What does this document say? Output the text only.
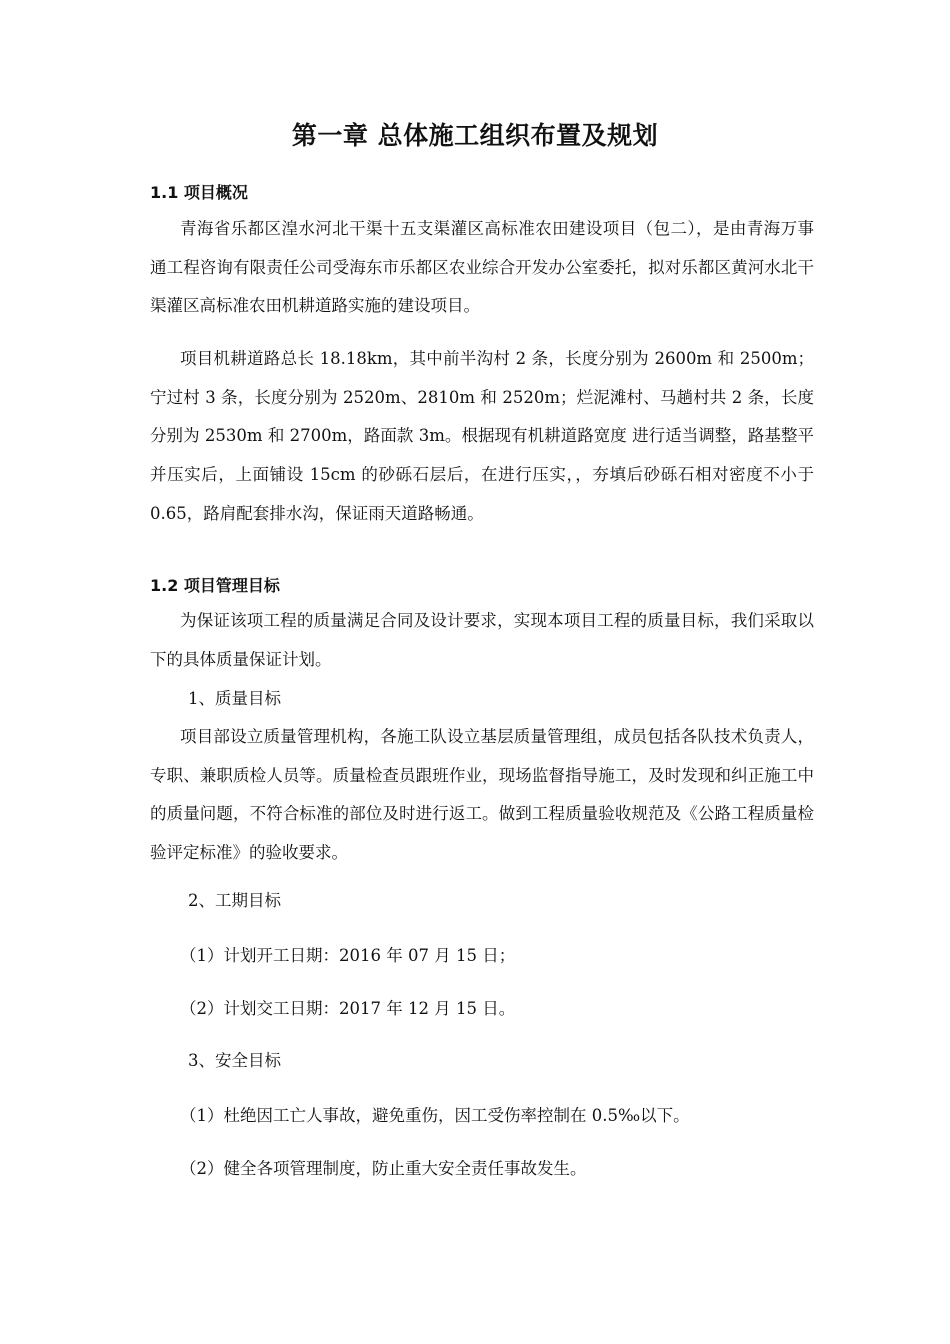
第一章 总体施工组织布置及规划
1.1 项目概况

青海省乐都区湟水河北干渠十五支渠灌区高标准农田建设项目（包二），是由青海万事通工程咨询有限责任公司受海东市乐都区农业综合开发办公室委托，拟对乐都区黄河水北干渠灌区高标准农田机耕道路实施的建设项目。

项目机耕道路总长 18.18km，其中前半沟村 2 条，长度分别为 2600m 和 2500m；宁过村 3 条，长度分别为 2520m、2810m 和 2520m；烂泥滩村、马趟村共 2 条，长度分别为 2530m 和 2700m，路面款 3m。根据现有机耕道路宽度 进行适当调整，路基整平并压实后，上面铺设 15cm 的砂砾石层后，在进行压实，，夯填后砂砾石相对密度不小于 0.65，路肩配套排水沟，保证雨天道路畅通。

1.2 项目管理目标

为保证该项工程的质量满足合同及设计要求，实现本项目工程的质量目标，我们采取以下的具体质量保证计划。

1、质量目标

项目部设立质量管理机构，各施工队设立基层质量管理组，成员包括各队技术负责人，专职、兼职质检人员等。质量检查员跟班作业，现场监督指导施工，及时发现和纠正施工中的质量问题，不符合标准的部位及时进行返工。做到工程质量验收规范及《公路工程质量检验评定标准》的验收要求。

2、工期目标

（1）计划开工日期：2016 年 07 月 15 日；

（2）计划交工日期：2017 年 12 月 15 日。

3、安全目标

（1）杜绝因工亡人事故，避免重伤，因工受伤率控制在 0.5‰以下。

（2）健全各项管理制度，防止重大安全责任事故发生。
